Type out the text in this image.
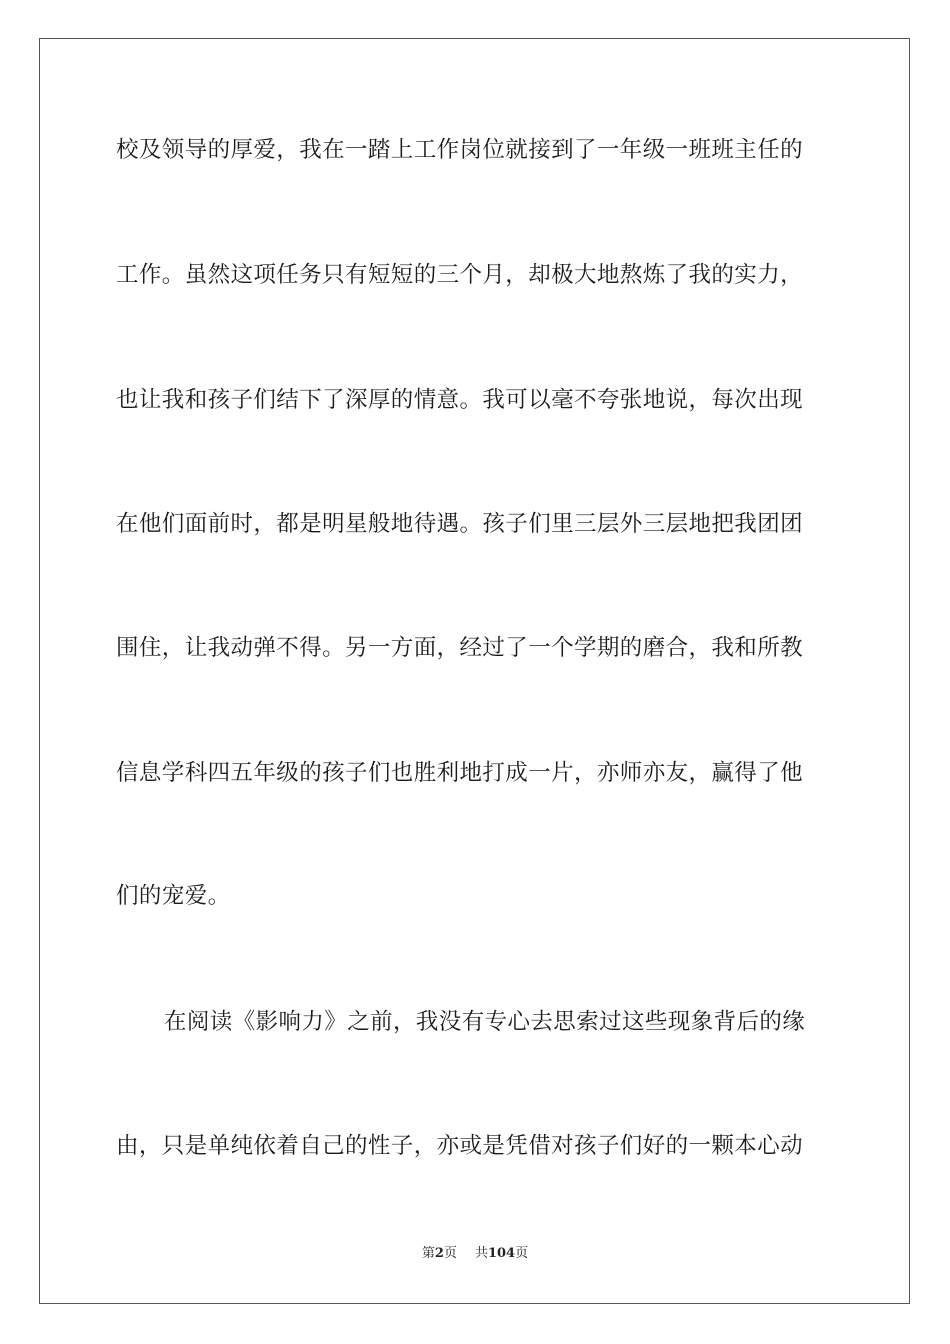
校及领导的厚爱，我在一踏上工作岗位就接到了一年级一班班主任的
工作。虽然这项任务只有短短的三个月，却极大地熬炼了我的实力，
也让我和孩子们结下了深厚的情意。我可以毫不夸张地说，每次出现
在他们面前时，都是明星般地待遇。孩子们里三层外三层地把我团团
围住，让我动弹不得。另一方面，经过了一个学期的磨合，我和所教
信息学科四五年级的孩子们也胜利地打成一片，亦师亦友，赢得了他
们的宠爱。
在阅读《影响力》之前，我没有专心去思索过这些现象背后的缘
由，只是单纯依着自己的性子，亦或是凭借对孩子们好的一颗本心动
第2页 共104页
